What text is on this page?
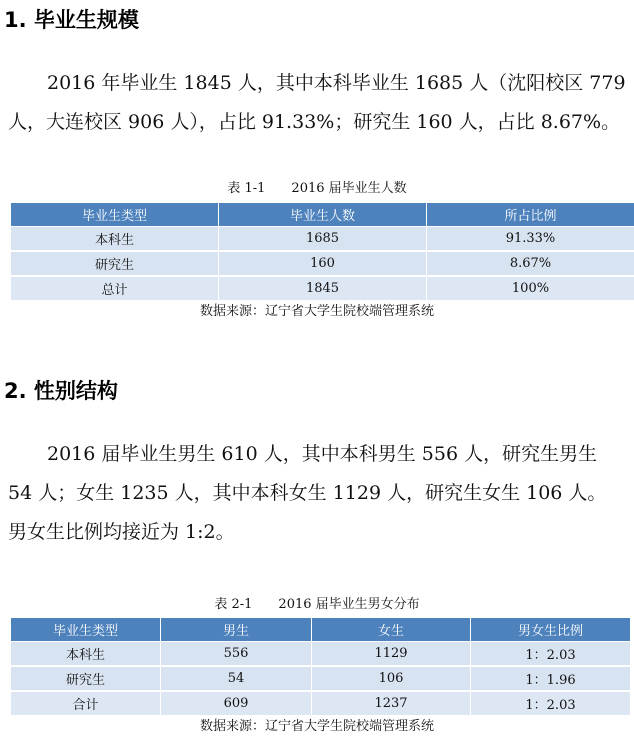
1. 毕业生规模
2016 年毕业生 1845 人，其中本科毕业生 1685 人（沈阳校区 779
人，大连校区 906 人），占比 91.33%；研究生 160 人，占比 8.67%。
表 1-1 2016 届毕业生人数
毕业生类型	毕业生人数	所占比例
本科生	1685	91.33%
研究生	160	8.67%
总计	1845	100%
数据来源：辽宁省大学生院校端管理系统
2. 性别结构
2016 届毕业生男生 610 人，其中本科男生 556 人，研究生男生
54 人；女生 1235 人，其中本科女生 1129 人，研究生女生 106 人。
男女生比例均接近为 1:2。
表 2-1 2016 届毕业生男女分布
毕业生类型	男生	女生	男女生比例
本科生	556	1129	1：2.03
研究生	54	106	1：1.96
合计	609	1237	1：2.03
数据来源：辽宁省大学生院校端管理系统
